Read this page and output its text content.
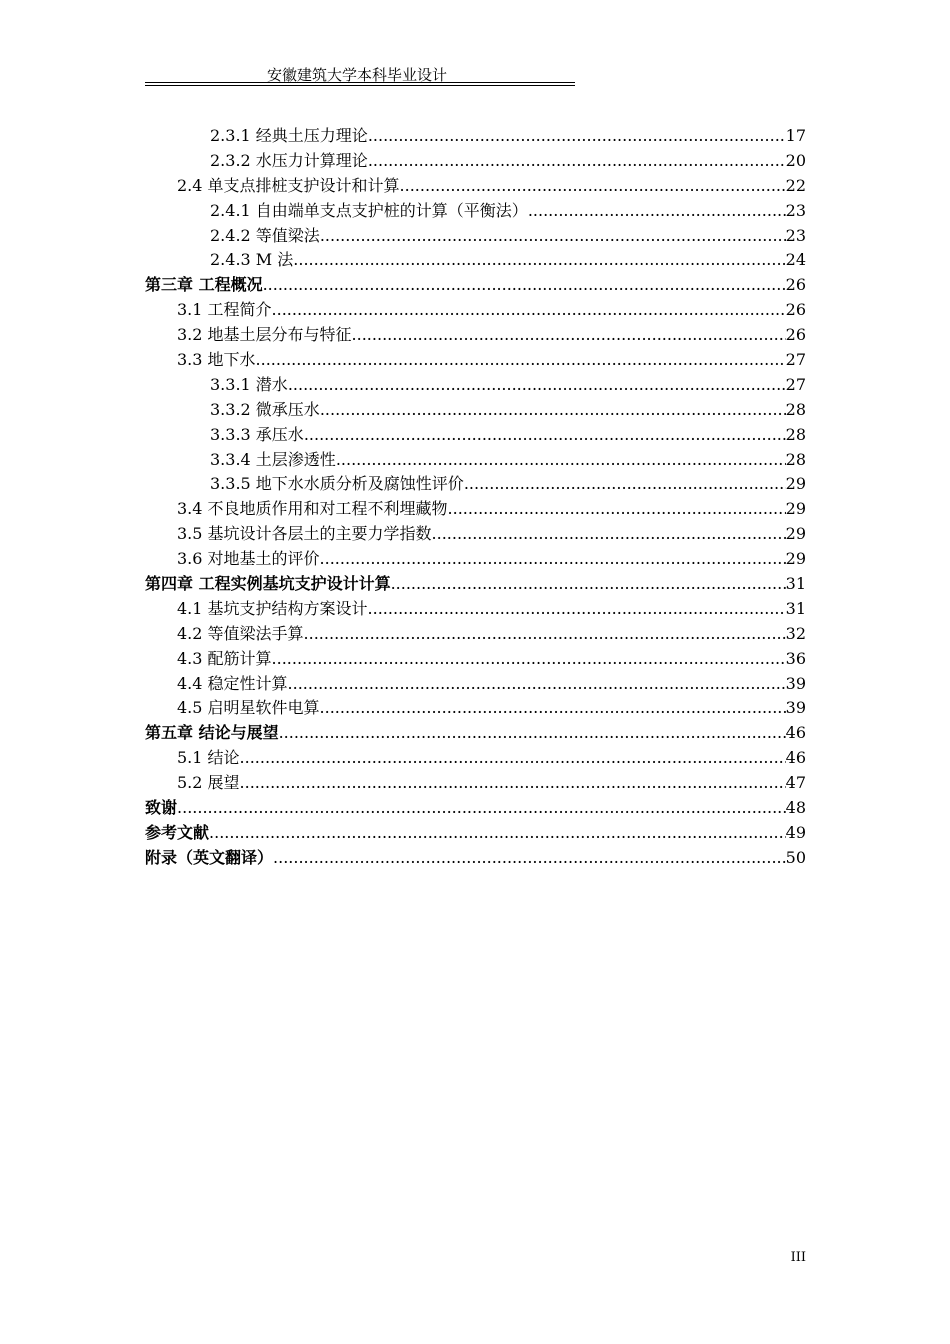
安徽建筑大学本科毕业设计
2.3.1 经典土压力理论 .....	17
2.3.2 水压力计算理论 .....	20
2.4 单支点排桩支护设计和计算 .....	22
2.4.1 自由端单支点支护桩的计算（平衡法） .....	23
2.4.2 等值梁法 .....	23
2.4.3 M 法 .....	24
第三章 工程概况 .....	26
3.1 工程简介 .....	26
3.2 地基土层分布与特征 .....	26
3.3 地下水 .....	27
3.3.1 潜水 .....	27
3.3.2 微承压水 .....	28
3.3.3 承压水 .....	28
3.3.4 土层渗透性 .....	28
3.3.5 地下水水质分析及腐蚀性评价 .....	29
3.4 不良地质作用和对工程不利埋藏物 .....	29
3.5 基坑设计各层土的主要力学指数 .....	29
3.6 对地基土的评价 .....	29
第四章 工程实例基坑支护设计计算 .....	31
4.1 基坑支护结构方案设计 .....	31
4.2 等值梁法手算 .....	32
4.3 配筋计算 .....	36
4.4 稳定性计算 .....	39
4.5 启明星软件电算 .....	39
第五章 结论与展望 .....	46
5.1 结论 .....	46
5.2 展望 .....	47
致谢 .....	48
参考文献 .....	49
附录（英文翻译） .....	50
III
